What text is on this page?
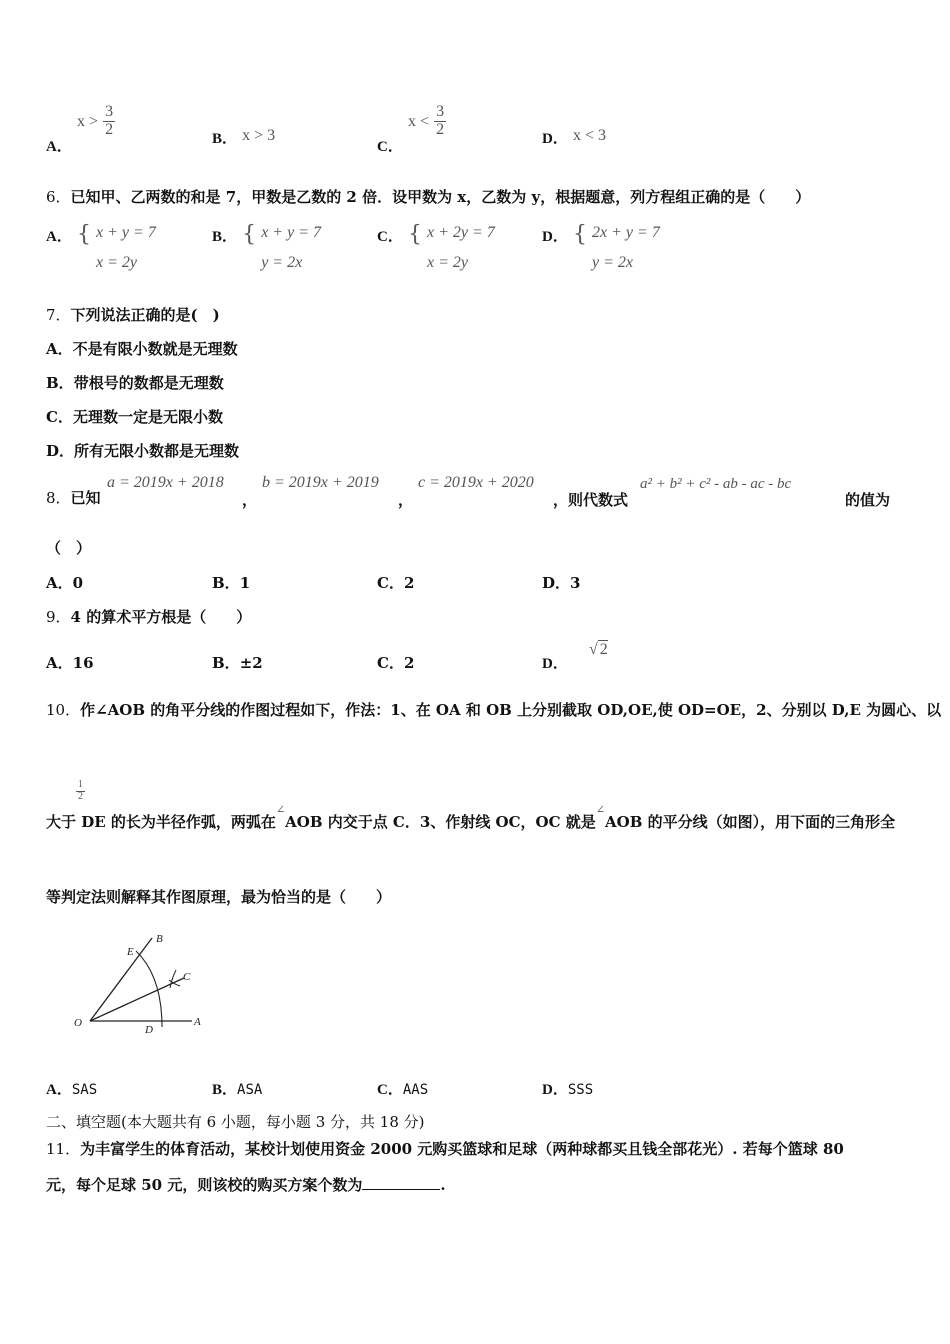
A． $x > \frac{3}{2}$
B． x > 3
C． $x < \frac{3}{2}$
D． x < 3
6．已知甲、乙两数的和是 7，甲数是乙数的 2 倍．设甲数为 x，乙数为 y，根据题意，列方程组正确的是（　　）
A． { x + y = 7
x = 2y
B． { x + y = 7
y = 2x
C． { x + 2y = 7
x = 2y
D． { 2x + y = 7
y = 2x
7．下列说法正确的是(　)
A．不是有限小数就是无理数
B．带根号的数都是无理数
C．无理数一定是无限小数
D．所有无限小数都是无理数
8．已知
a = 2019x + 2018
，
b = 2019x + 2019
，
c = 2019x + 2020
，则代数式
a² + b² + c² - ab - ac - bc
的值为
（　）
A．0	B．1	C．2	D．3
9．4 的算术平方根是（　　）
A．16	B．±2	C．2	D． √ 2
10．作∠AOB 的角平分线的作图过程如下，作法：1、在 OA 和 OB 上分别截取 OD,OE,使 OD=OE，2、分别以 D,E 为圆心、以
$\frac{1}{2}$
大于 DE 的长为半径作弧，两弧在∠AOB 内交于点 C．3、作射线 OC，OC 就是∠AOB 的平分线（如图），用下面的三角形全
等判定法则解释其作图原理，最为恰当的是（　　）
O	A
B
C
D
E
A．SAS	B．ASA	C．AAS	D．SSS
二、填空题(本大题共有 6 小题，每小题 3 分，共 18 分)
11．为丰富学生的体育活动，某校计划使用资金 2000 元购买篮球和足球（两种球都买且钱全部花光）. 若每个篮球 80
元，每个足球 50 元，则该校的购买方案个数为	.
